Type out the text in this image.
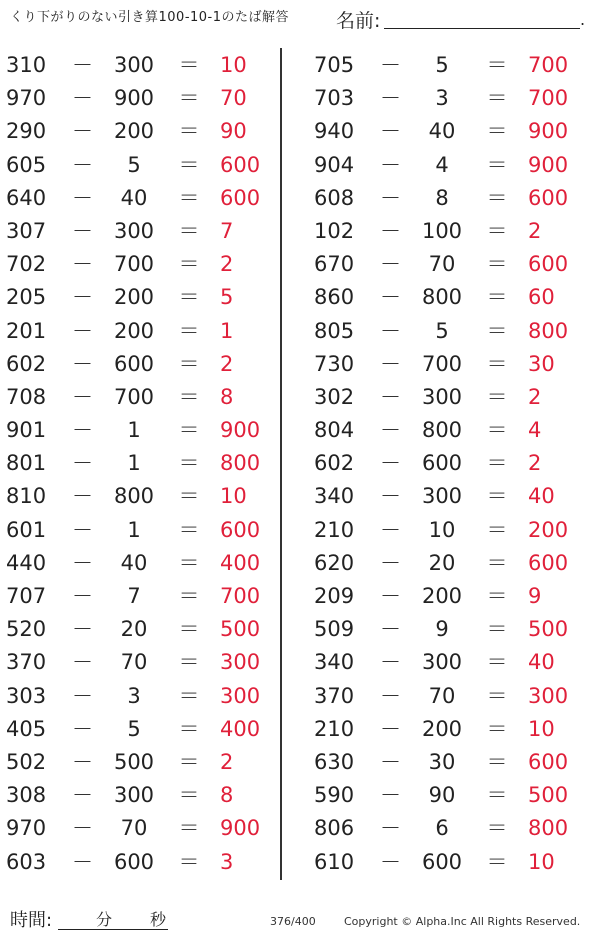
くり下がりのない引き算100-10-1のたば解答 名前:	.
310	－ 300	＝ 10
970	－ 900	＝ 70
290	－ 200	＝ 90
605	－	5	＝ 600
640	－	40	＝ 600
307	－ 300	＝ 7
702	－ 700	＝ 2
205	－ 200	＝ 5
201	－ 200	＝ 1
602	－ 600	＝ 2
708	－ 700	＝ 8
901	－	1	＝ 900
801	－	1	＝ 800
810	－ 800	＝ 10
601	－	1	＝ 600
440	－	40	＝ 400
707	－	7	＝ 700
520	－	20	＝ 500
370	－	70	＝ 300
303	－	3	＝ 300
405	－	5	＝ 400
502	－ 500	＝ 2
308	－ 300	＝ 8
970	－	70	＝ 900
603	－ 600	＝ 3
705	－	5	＝ 700
703	－	3	＝ 700
940	－	40	＝ 900
904	－	4	＝ 900
608	－	8	＝ 600
102	－ 100	＝ 2
670	－	70	＝ 600
860	－ 800	＝ 60
805	－	5	＝ 800
730	－ 700	＝ 30
302	－ 300	＝ 2
804	－ 800	＝ 4
602	－ 600	＝ 2
340	－ 300	＝ 40
210	－	10	＝ 200
620	－	20	＝ 600
209	－ 200	＝ 9
509	－	9	＝ 500
340	－ 300	＝ 40
370	－	70	＝ 300
210	－ 200	＝ 10
630	－	30	＝ 600
590	－	90	＝ 500
806	－	6	＝ 800
610	－ 600	＝ 10
時間:	分 秒	376/400	Copyright © Alpha.Inc All Rights Reserved.
